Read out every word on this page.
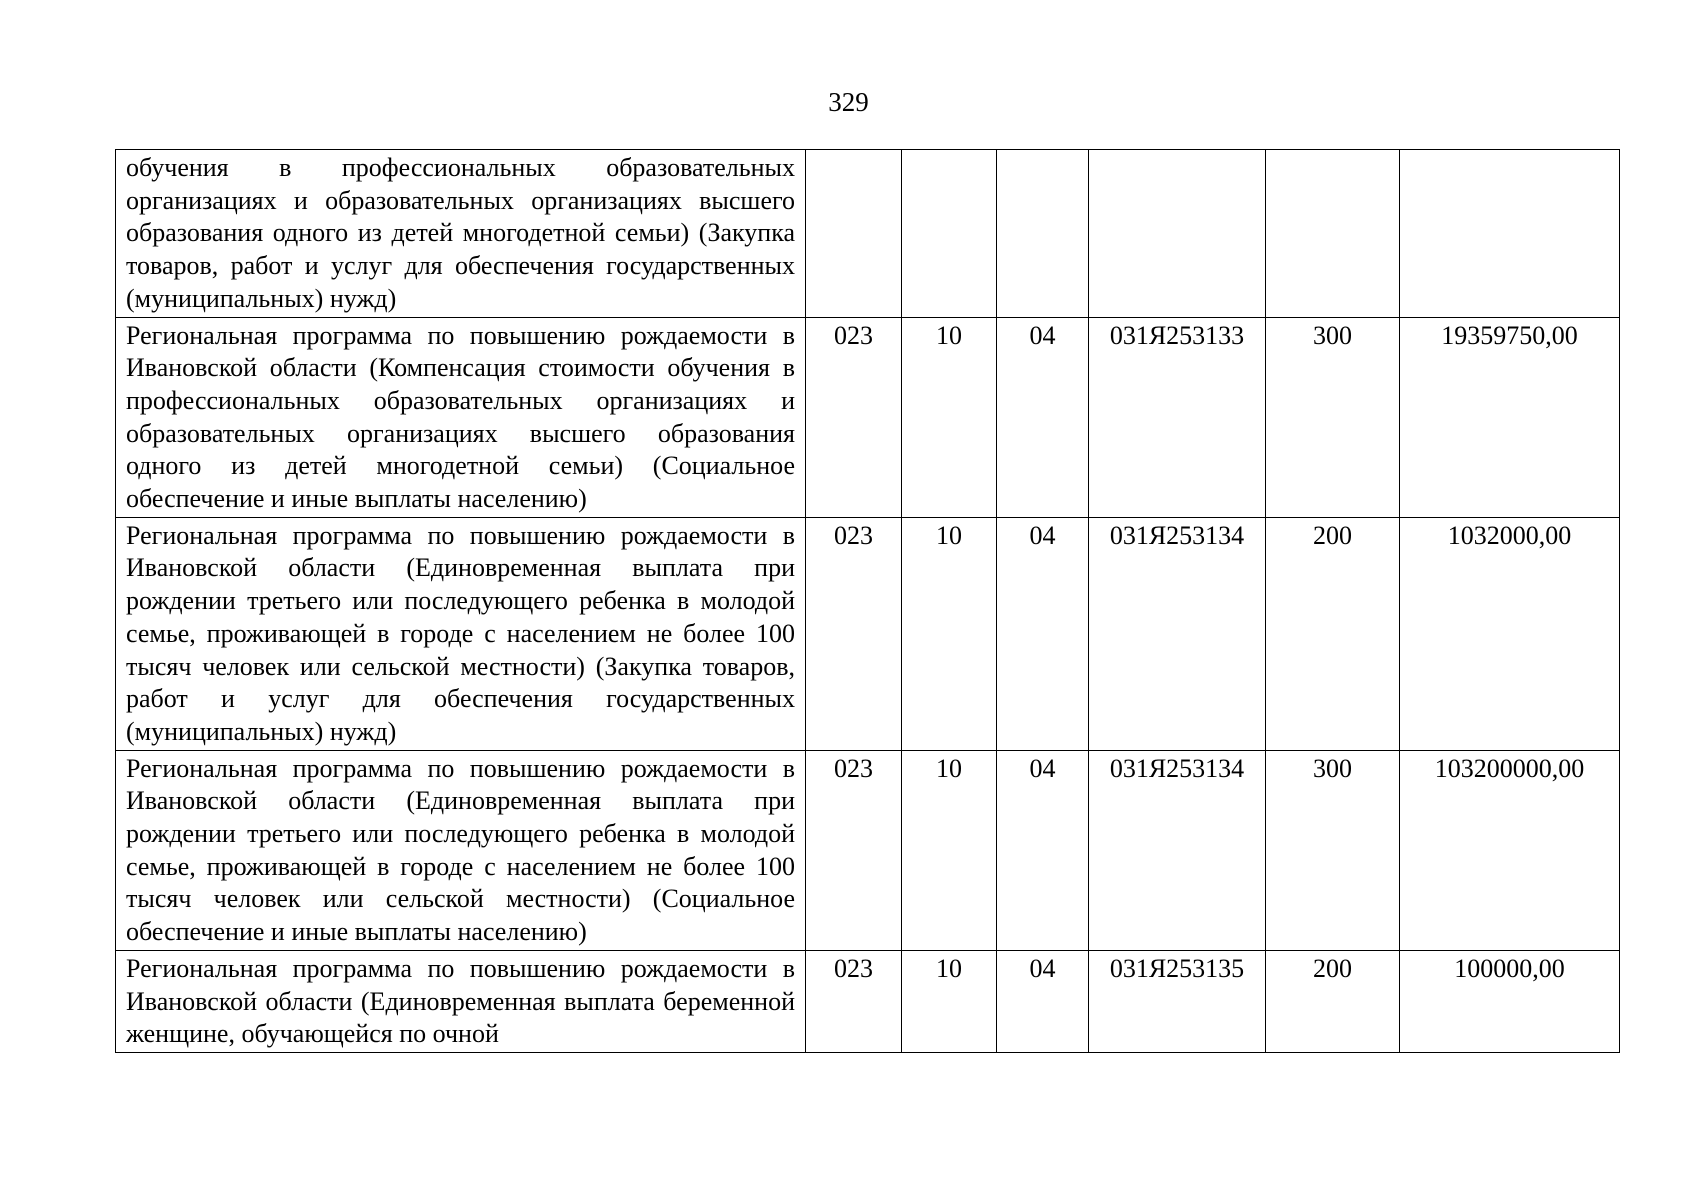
329
обучения в профессиональных образовательных организациях и образовательных организациях высшего образования одного из детей многодетной семьи) (Закупка товаров, работ и услуг для обеспечения государственных (муниципальных) нужд)						
Региональная программа по повышению рождаемости в Ивановской области (Компенсация стоимости обучения в профессиональных образовательных организациях и образовательных организациях высшего образования одного из детей многодетной семьи) (Социальное обеспечение и иные выплаты населению)	023	10	04	031Я253133	300	19359750,00
Региональная программа по повышению рождаемости в Ивановской области (Единовременная выплата при рождении третьего или последующего ребенка в молодой семье, проживающей в городе с населением не более 100 тысяч человек или сельской местности) (Закупка товаров, работ и услуг для обеспечения государственных (муниципальных) нужд)	023	10	04	031Я253134	200	1032000,00
Региональная программа по повышению рождаемости в Ивановской области (Единовременная выплата при рождении третьего или последующего ребенка в молодой семье, проживающей в городе с населением не более 100 тысяч человек или сельской местности) (Социальное обеспечение и иные выплаты населению)	023	10	04	031Я253134	300	103200000,00
Региональная программа по повышению рождаемости в Ивановской области (Единовременная выплата беременной женщине, обучающейся по очной	023	10	04	031Я253135	200	100000,00
